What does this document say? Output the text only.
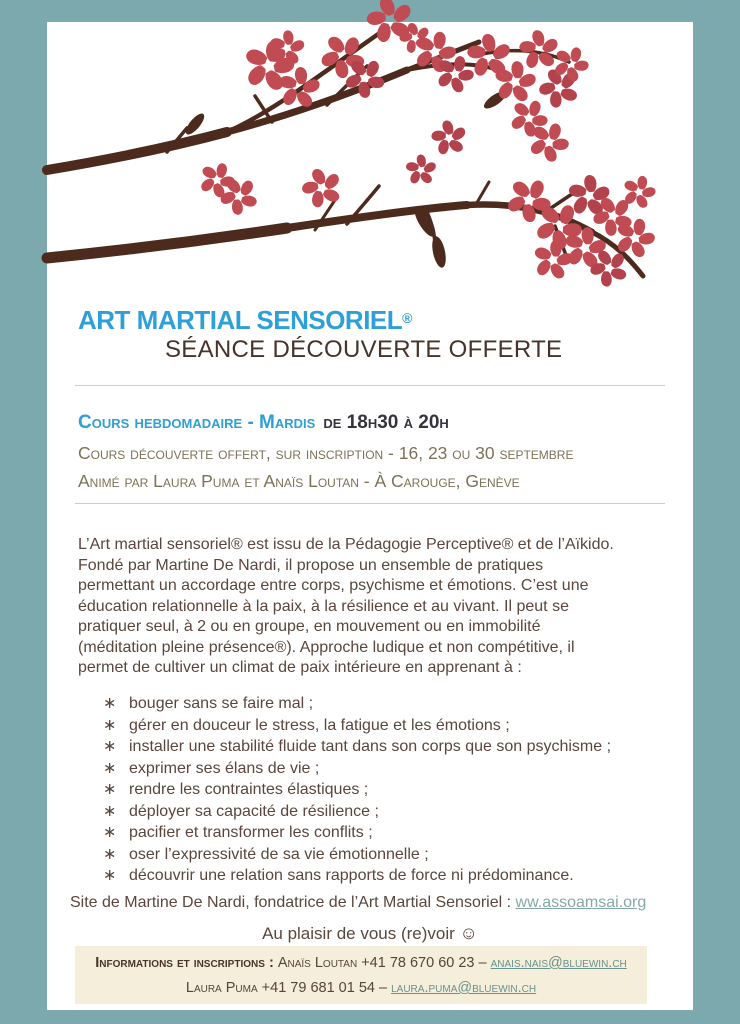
ART MARTIAL SENSORIEL®
SÉANCE DÉCOUVERTE OFFERTE
Cours hebdomadaire - Mardis de 18h30 à 20h
Cours découverte offert, sur inscription - 16, 23 ou 30 septembre
Animé par Laura Puma et Anaïs Loutan - À Carouge, Genève
L’Art martial sensoriel® est issu de la Pédagogie Perceptive® et de l’Aïkido.
Fondé par Martine De Nardi, il propose un ensemble de pratiques
permettant un accordage entre corps, psychisme et émotions. C’est une
éducation relationnelle à la paix, à la résilience et au vivant. Il peut se
pratiquer seul, à 2 ou en groupe, en mouvement ou en immobilité
(méditation pleine présence®). Approche ludique et non compétitive, il
permet de cultiver un climat de paix intérieure en apprenant à :
∗ bouger sans se faire mal ;
∗ gérer en douceur le stress, la fatigue et les émotions ;
∗ installer une stabilité fluide tant dans son corps que son psychisme ;
∗ exprimer ses élans de vie ;
∗ rendre les contraintes élastiques ;
∗ déployer sa capacité de résilience ;
∗ pacifier et transformer les conflits ;
∗ oser l’expressivité de sa vie émotionnelle ;
∗ découvrir une relation sans rapports de force ni prédominance.
Site de Martine De Nardi, fondatrice de l’Art Martial Sensoriel : ww.assoamsai.org
Au plaisir de vous (re)voir ☺
Informations et inscriptions : Anaïs Loutan +41 78 670 60 23 – anais.nais@bluewin.ch
Laura Puma +41 79 681 01 54 – laura.puma@bluewin.ch
